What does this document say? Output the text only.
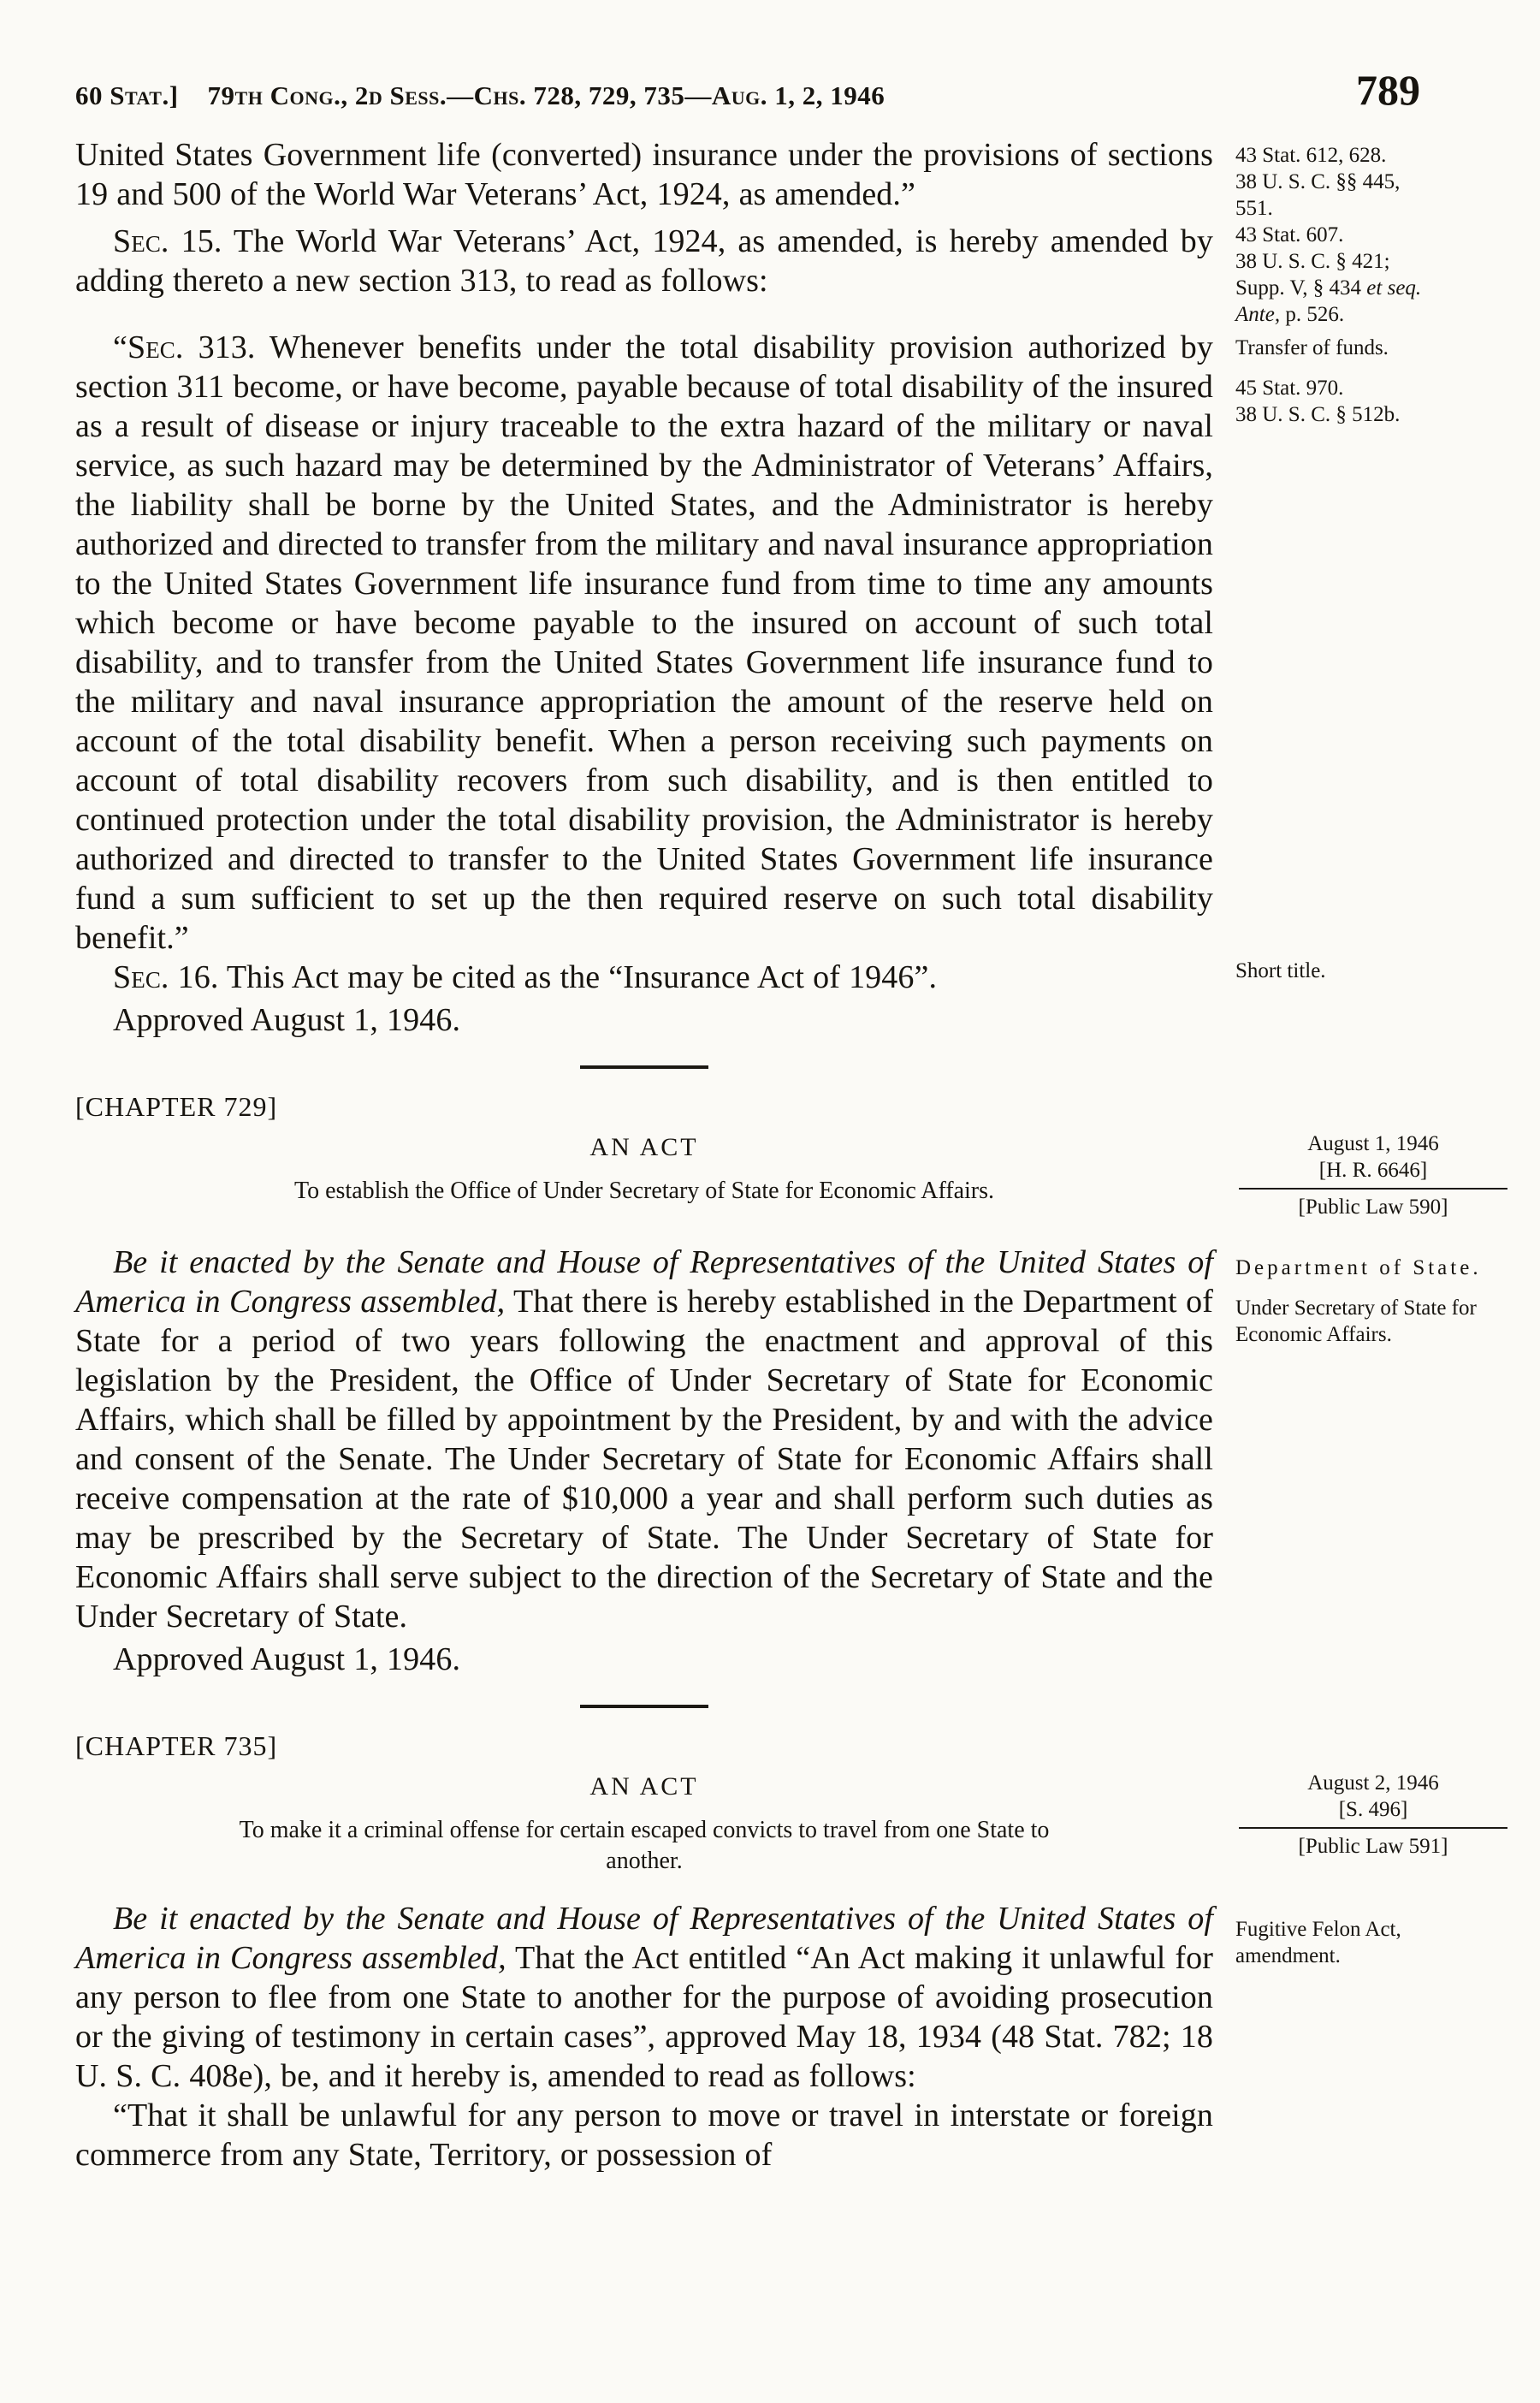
60 Stat.] 79th Cong., 2d Sess.—Chs. 728, 729, 735—Aug. 1, 2, 1946	789
United States Government life (converted) insurance under the provisions of sections 19 and 500 of the World War Veterans’ Act, 1924, as amended.”
43 Stat. 612, 628.
38 U. S. C. §§ 445,
551.
Sec. 15. The World War Veterans’ Act, 1924, as amended, is hereby amended by adding thereto a new section 313, to read as follows:
43 Stat. 607.
38 U. S. C. § 421;
Supp. V, § 434 et seq.
Ante, p. 526.
“Sec. 313. Whenever benefits under the total disability provision authorized by section 311 become, or have become, payable because of total disability of the insured as a result of disease or injury traceable to the extra hazard of the military or naval service, as such hazard may be determined by the Administrator of Veterans’ Affairs, the liability shall be borne by the United States, and the Administrator is hereby authorized and directed to transfer from the military and naval insurance appropriation to the United States Government life insurance fund from time to time any amounts which become or have become payable to the insured on account of such total disability, and to transfer from the United States Government life insurance fund to the military and naval insurance appropriation the amount of the reserve held on account of the total disability benefit. When a person receiving such payments on account of total disability recovers from such disability, and is then entitled to continued protection under the total disability provision, the Administrator is hereby authorized and directed to transfer to the United States Government life insurance fund a sum sufficient to set up the then required reserve on such total disability benefit.”
Transfer of funds.
45 Stat. 970.
38 U. S. C. § 512b.
Sec. 16. This Act may be cited as the “Insurance Act of 1946”.	Short title.
Approved August 1, 1946.
[CHAPTER 729]
AN ACT
To establish the Office of Under Secretary of State for Economic Affairs.
August 1, 1946
[H. R. 6646]
[Public Law 590]
Be it enacted by the Senate and House of Representatives of the United States of America in Congress assembled, That there is hereby established in the Department of State for a period of two years following the enactment and approval of this legislation by the President, the Office of Under Secretary of State for Economic Affairs, which shall be filled by appointment by the President, by and with the advice and consent of the Senate. The Under Secretary of State for Economic Affairs shall receive compensation at the rate of $10,000 a year and shall perform such duties as may be prescribed by the Secretary of State. The Under Secretary of State for Economic Affairs shall serve subject to the direction of the Secretary of State and the Under Secretary of State.
Department of State.
Under Secretary of State for Economic Affairs.
Approved August 1, 1946.
[CHAPTER 735]
AN ACT
To make it a criminal offense for certain escaped convicts to travel from one State to another.
August 2, 1946
[S. 496]
[Public Law 591]
Be it enacted by the Senate and House of Representatives of the United States of America in Congress assembled, That the Act entitled “An Act making it unlawful for any person to flee from one State to another for the purpose of avoiding prosecution or the giving of testimony in certain cases”, approved May 18, 1934 (48 Stat. 782; 18 U. S. C. 408e), be, and it hereby is, amended to read as follows:
Fugitive Felon Act, amendment.
“That it shall be unlawful for any person to move or travel in interstate or foreign commerce from any State, Territory, or possession of
